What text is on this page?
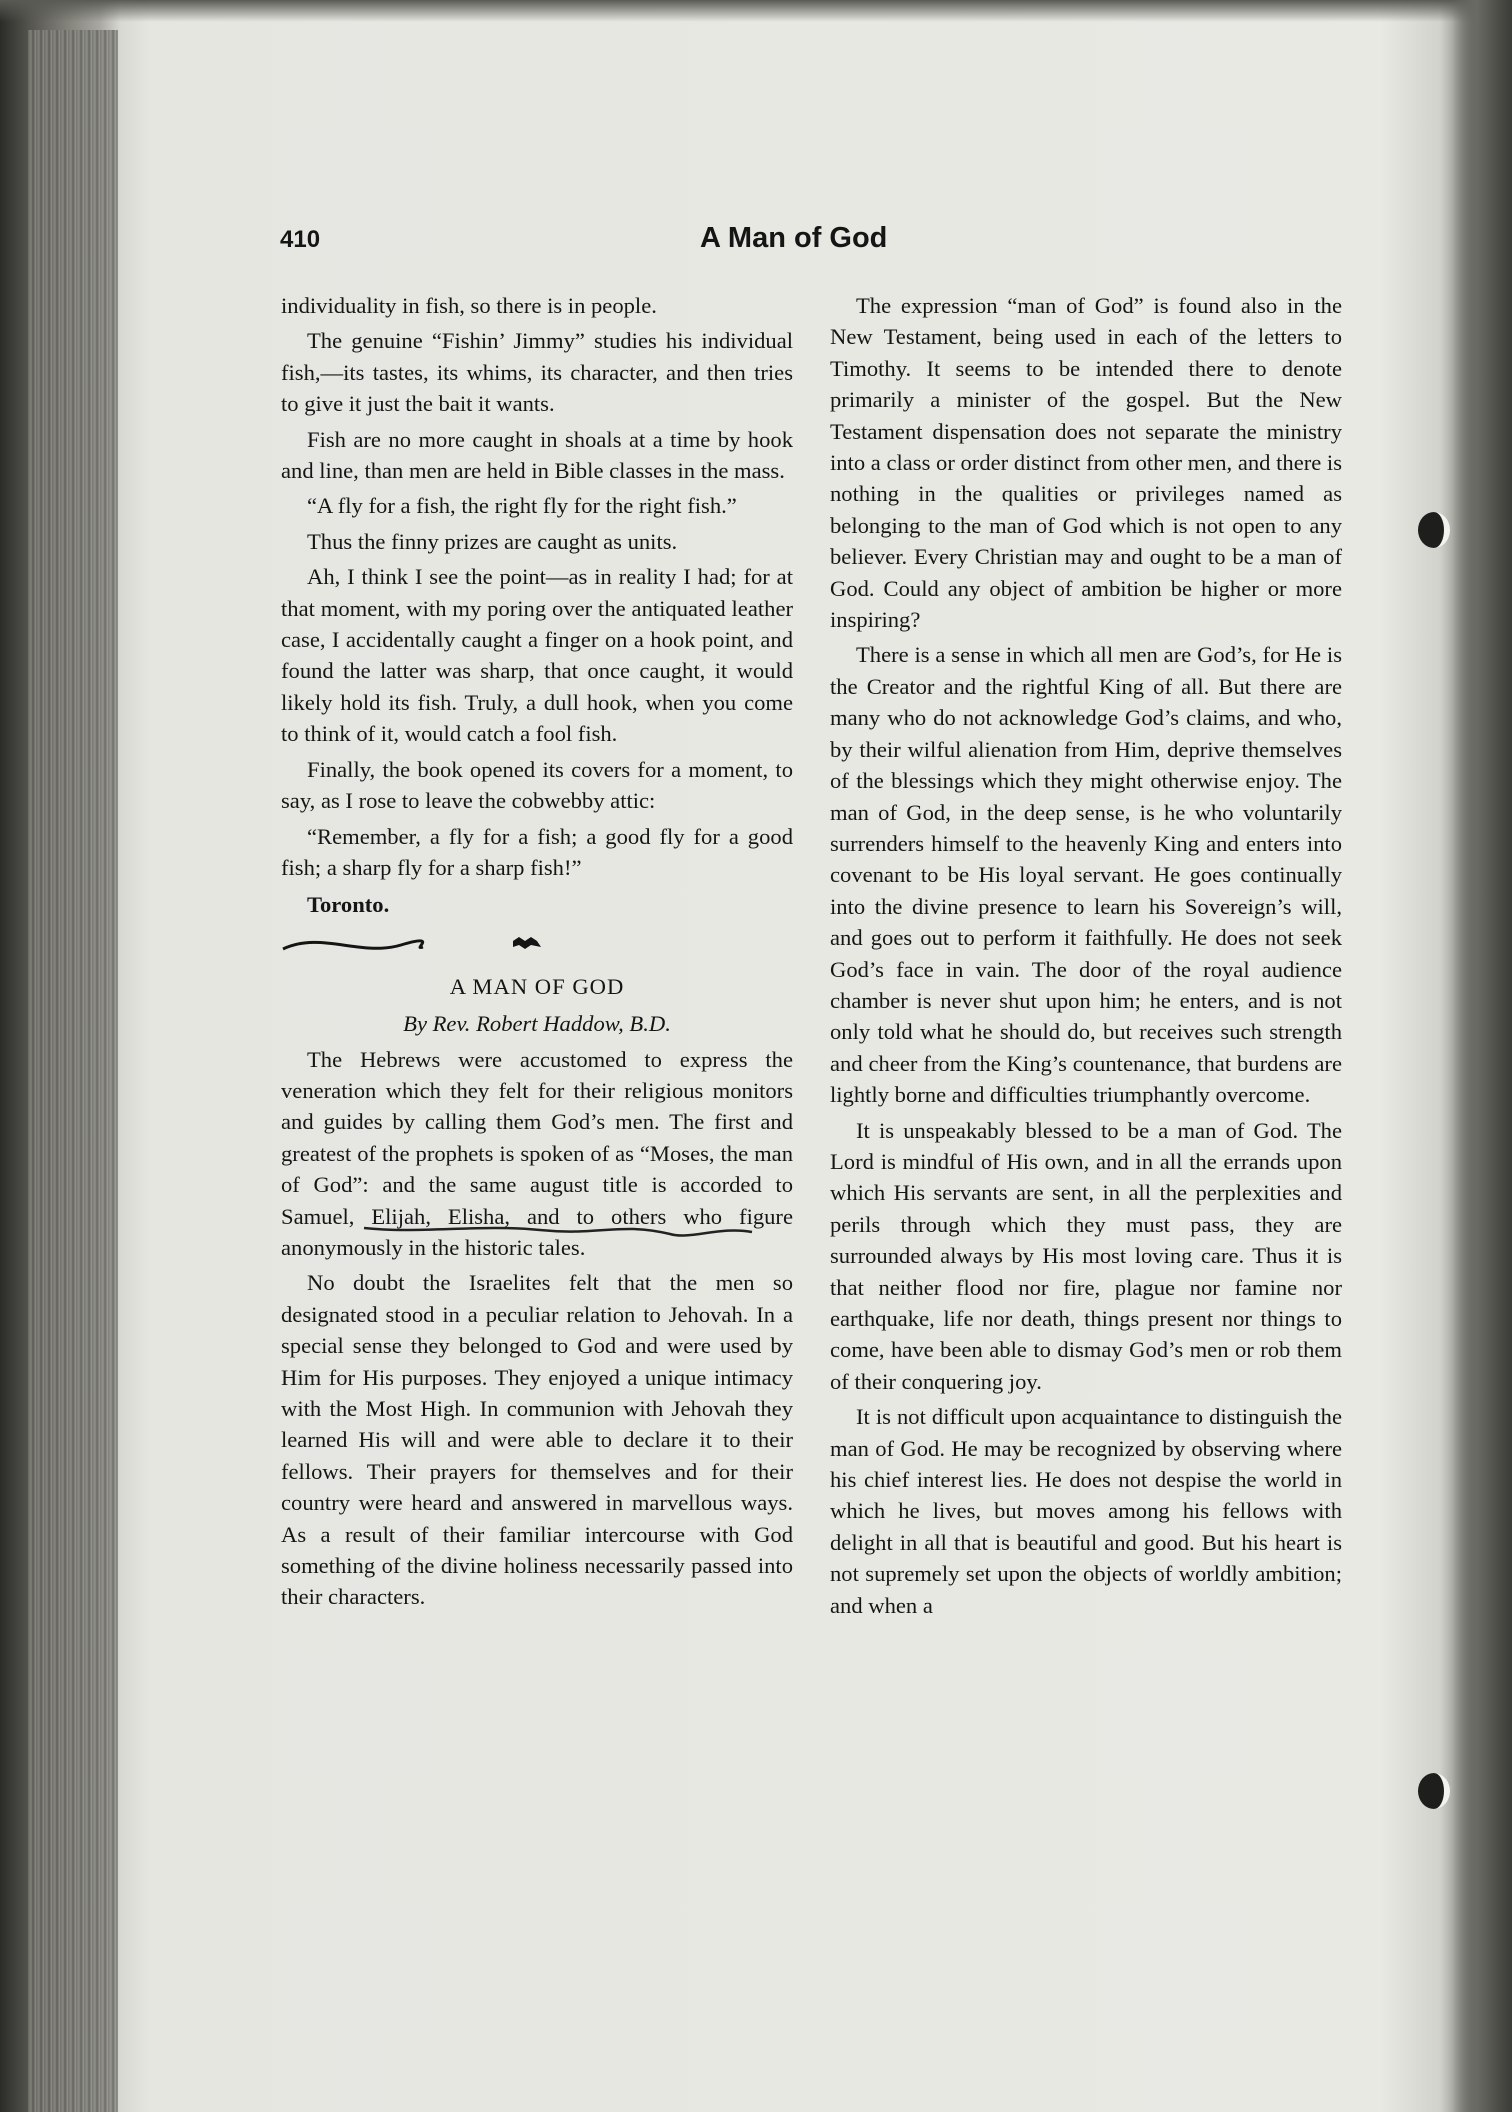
410	A Man of God

individuality in fish, so there is in people.

The genuine “Fishin’ Jimmy” studies his individual fish,—its tastes, its whims, its character, and then tries to give it just the bait it wants.

Fish are no more caught in shoals at a time by hook and line, than men are held in Bible classes in the mass.

“A fly for a fish, the right fly for the right fish.”

Thus the finny prizes are caught as units.

Ah, I think I see the point—as in reality I had; for at that moment, with my poring over the antiquated leather case, I accidentally caught a finger on a hook point, and found the latter was sharp, that once caught, it would likely hold its fish. Truly, a dull hook, when you come to think of it, would catch a fool fish.

Finally, the book opened its covers for a moment, to say, as I rose to leave the cobwebby attic:

“Remember, a fly for a fish; a good fly for a good fish; a sharp fly for a sharp fish!”

Toronto.

A MAN OF GOD

By Rev. Robert Haddow, B.D.

The Hebrews were accustomed to express the veneration which they felt for their religious monitors and guides by calling them God’s men. The first and greatest of the prophets is spoken of as “Moses, the man of God”: and the same august title is accorded to Samuel, Elijah, Elisha, and to others who figure anonymously in the historic tales.

No doubt the Israelites felt that the men so designated stood in a peculiar relation to Jehovah. In a special sense they belonged to God and were used by Him for His purposes. They enjoyed a unique intimacy with the Most High. In communion with Jehovah they learned His will and were able to declare it to their fellows. Their prayers for themselves and for their country were heard and answered in marvellous ways. As a result of their familiar intercourse with God something of the divine holiness necessarily passed into their characters.

The expression “man of God” is found also in the New Testament, being used in each of the letters to Timothy. It seems to be intended there to denote primarily a minister of the gospel. But the New Testament dispensation does not separate the ministry into a class or order distinct from other men, and there is nothing in the qualities or privileges named as belonging to the man of God which is not open to any believer. Every Christian may and ought to be a man of God. Could any object of ambition be higher or more inspiring?

There is a sense in which all men are God’s, for He is the Creator and the rightful King of all. But there are many who do not acknowledge God’s claims, and who, by their wilful alienation from Him, deprive themselves of the blessings which they might otherwise enjoy. The man of God, in the deep sense, is he who voluntarily surrenders himself to the heavenly King and enters into covenant to be His loyal servant. He goes continually into the divine presence to learn his Sovereign’s will, and goes out to perform it faithfully. He does not seek God’s face in vain. The door of the royal audience chamber is never shut upon him; he enters, and is not only told what he should do, but receives such strength and cheer from the King’s countenance, that burdens are lightly borne and difficulties triumphantly overcome.

It is unspeakably blessed to be a man of God. The Lord is mindful of His own, and in all the errands upon which His servants are sent, in all the perplexities and perils through which they must pass, they are surrounded always by His most loving care. Thus it is that neither flood nor fire, plague nor famine nor earthquake, life nor death, things present nor things to come, have been able to dismay God’s men or rob them of their conquering joy.

It is not difficult upon acquaintance to distinguish the man of God. He may be recognized by observing where his chief interest lies. He does not despise the world in which he lives, but moves among his fellows with delight in all that is beautiful and good. But his heart is not supremely set upon the objects of worldly ambition; and when a
